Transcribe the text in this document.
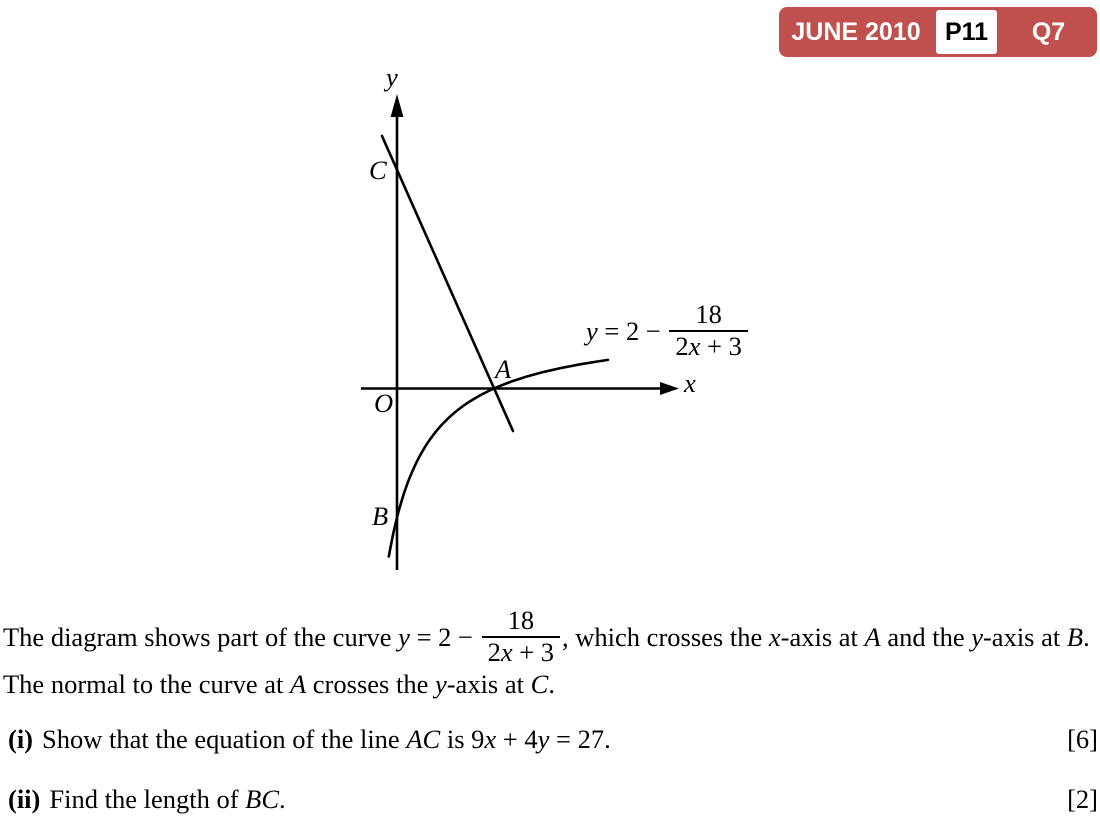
JUNE 2010 P11	Q7
y
C
O
A
B
x
$y = 2 - \frac{18}{2x + 3}$
The diagram shows part of the curve $y = 2 - \frac{18}{2x + 3}$ , which crosses the x -axis at A and the y -axis at B .
The normal to the curve at A crosses the y-axis at C.
(i) Show that the equation of the line AC is 9 x + 4 y = 27.	[6]
(ii) Find the length of BC .	[2]
